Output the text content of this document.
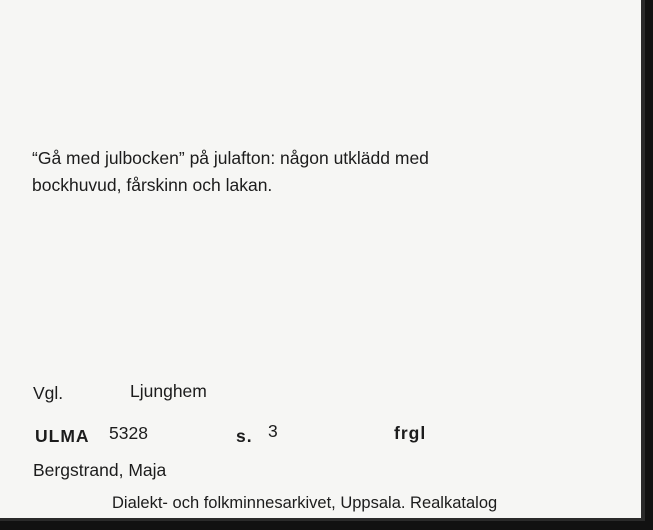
“Gå med julbocken” på julafton: någon utklädd med
bockhuvud, fårskinn och lakan.
Vgl.	Ljunghem
ULMA 5328	s. 3	frgl
Bergstrand, Maja
Dialekt- och folkminnesarkivet, Uppsala. Realkatalog
